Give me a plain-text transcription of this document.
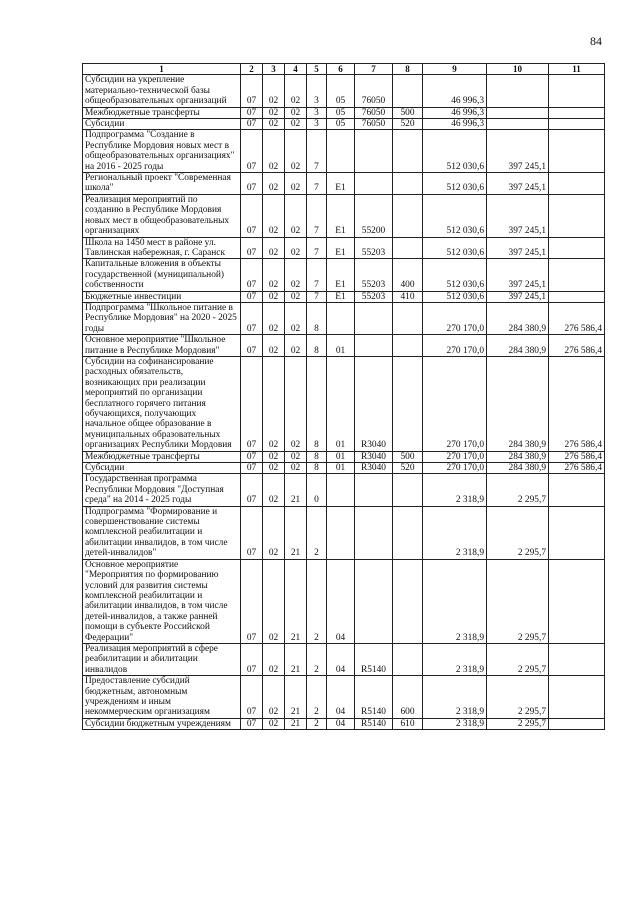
84
1	2	3	4	5	6	7	8	9	10	11
Субсидии на укрепление материально-технической базы общеобразовательных организаций	07	02	02	3	05	76050		46 996,3		
Межбюджетные трансферты	07	02	02	3	05	76050	500	46 996,3		
Субсидии	07	02	02	3	05	76050	520	46 996,3		
Подпрограмма "Создание в Республике Мордовия новых мест в общеобразовательных организациях" на 2016 - 2025 годы	07	02	02	7				512 030,6	397 245,1	
Региональный проект "Современная школа"	07	02	02	7	E1			512 030,6	397 245,1	
Реализация мероприятий по созданию в Республике Мордовия новых мест в общеобразовательных организациях	07	02	02	7	E1	55200		512 030,6	397 245,1	
Школа на 1450 мест в районе ул. Тавлинская набережная, г. Саранск	07	02	02	7	E1	55203		512 030,6	397 245,1	
Капитальные вложения в объекты государственной (муниципальной) собственности	07	02	02	7	E1	55203	400	512 030,6	397 245,1	
Бюджетные инвестиции	07	02	02	7	E1	55203	410	512 030,6	397 245,1	
Подпрограмма "Школьное питание в Республике Мордовия" на 2020 - 2025 годы	07	02	02	8				270 170,0	284 380,9	276 586,4
Основное мероприятие "Школьное питание в Республике Мордовия"	07	02	02	8	01			270 170,0	284 380,9	276 586,4
Субсидии на софинансирование расходных обязательств, возникающих при реализации мероприятий по организации бесплатного горячего питания обучающихся, получающих начальное общее образование в муниципальных образовательных организациях Республики Мордовия	07	02	02	8	01	R3040		270 170,0	284 380,9	276 586,4
Межбюджетные трансферты	07	02	02	8	01	R3040	500	270 170,0	284 380,9	276 586,4
Субсидии	07	02	02	8	01	R3040	520	270 170,0	284 380,9	276 586,4
Государственная программа Республики Мордовия "Доступная среда" на 2014 - 2025 годы	07	02	21	0				2 318,9	2 295,7	
Подпрограмма "Формирование и совершенствование системы комплексной реабилитации и абилитации инвалидов, в том числе детей-инвалидов"	07	02	21	2				2 318,9	2 295,7	
Основное мероприятие "Мероприятия по формированию условий для развития системы комплексной реабилитации и абилитации инвалидов, в том числе детей-инвалидов, а также ранней помощи в субъекте Российской Федерации"	07	02	21	2	04			2 318,9	2 295,7	
Реализация мероприятий в сфере реабилитации и абилитации инвалидов	07	02	21	2	04	R5140		2 318,9	2 295,7	
Предоставление субсидий бюджетным, автономным учреждениям и иным некоммерческим организациям	07	02	21	2	04	R5140	600	2 318,9	2 295,7	
Субсидии бюджетным учреждениям	07	02	21	2	04	R5140	610	2 318,9	2 295,7	
